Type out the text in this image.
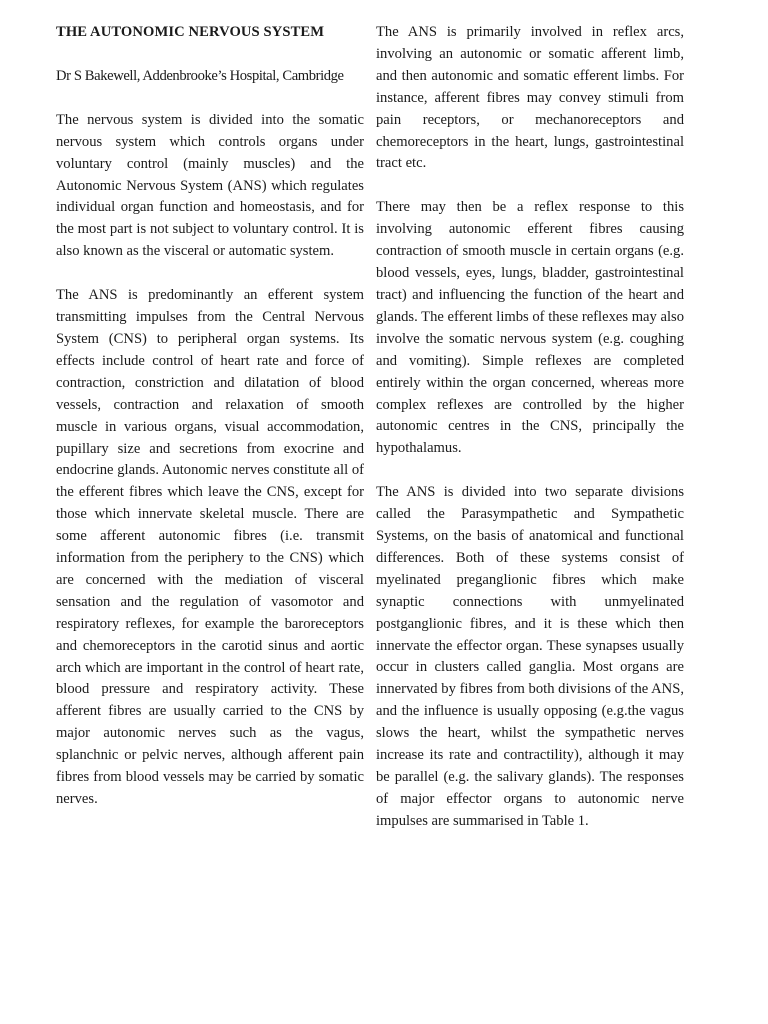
THE AUTONOMIC NERVOUS SYSTEM
Dr S Bakewell, Addenbrooke’s Hospital, Cambridge

The nervous system is divided into the somatic nervous system which controls organs under voluntary control (mainly muscles) and the Autonomic Nervous System (ANS) which regulates individual organ function and homeostasis, and for the most part is not subject to voluntary control. It is also known as the visceral or automatic system.

The ANS is predominantly an efferent system transmitting impulses from the Central Nervous System (CNS) to peripheral organ systems. Its effects include control of heart rate and force of contraction, constriction and dilatation of blood vessels, contraction and relaxation of smooth muscle in various organs, visual accommodation, pupillary size and secretions from exocrine and endocrine glands. Autonomic nerves constitute all of the efferent fibres which leave the CNS, except for those which innervate skeletal muscle. There are some afferent autonomic fibres (i.e. transmit information from the periphery to the CNS) which are concerned with the mediation of visceral sensation and the regulation of vasomotor and respiratory reflexes, for example the baroreceptors and chemoreceptors in the carotid sinus and aortic arch which are important in the control of heart rate, blood pressure and respiratory activity. These afferent fibres are usually carried to the CNS by major autonomic nerves such as the vagus, splanchnic or pelvic nerves, although afferent pain fibres from blood vessels may be carried by somatic nerves.

The ANS is primarily involved in reflex arcs, involving an autonomic or somatic afferent limb, and then autonomic and somatic efferent limbs. For instance, afferent fibres may convey stimuli from pain receptors, or mechanoreceptors and chemoreceptors in the heart, lungs, gastrointestinal tract etc.

There may then be a reflex response to this involving autonomic efferent fibres causing contraction of smooth muscle in certain organs (e.g. blood vessels, eyes, lungs, bladder, gastrointestinal tract) and influencing the function of the heart and glands. The efferent limbs of these reflexes may also involve the somatic nervous system (e.g. coughing and vomiting). Simple reflexes are completed entirely within the organ concerned, whereas more complex reflexes are controlled by the higher autonomic centres in the CNS, principally the hypothalamus.

The ANS is divided into two separate divisions called the Parasympathetic and Sympathetic Systems, on the basis of anatomical and functional differences. Both of these systems consist of myelinated preganglionic fibres which make synaptic connections with unmyelinated postganglionic fibres, and it is these which then innervate the effector organ. These synapses usually occur in clusters called ganglia. Most organs are innervated by fibres from both divisions of the ANS, and the influence is usually opposing (e.g.the vagus slows the heart, whilst the sympathetic nerves increase its rate and contractility), although it may be parallel (e.g. the salivary glands). The responses of major effector organs to autonomic nerve impulses are summarised in Table 1.
